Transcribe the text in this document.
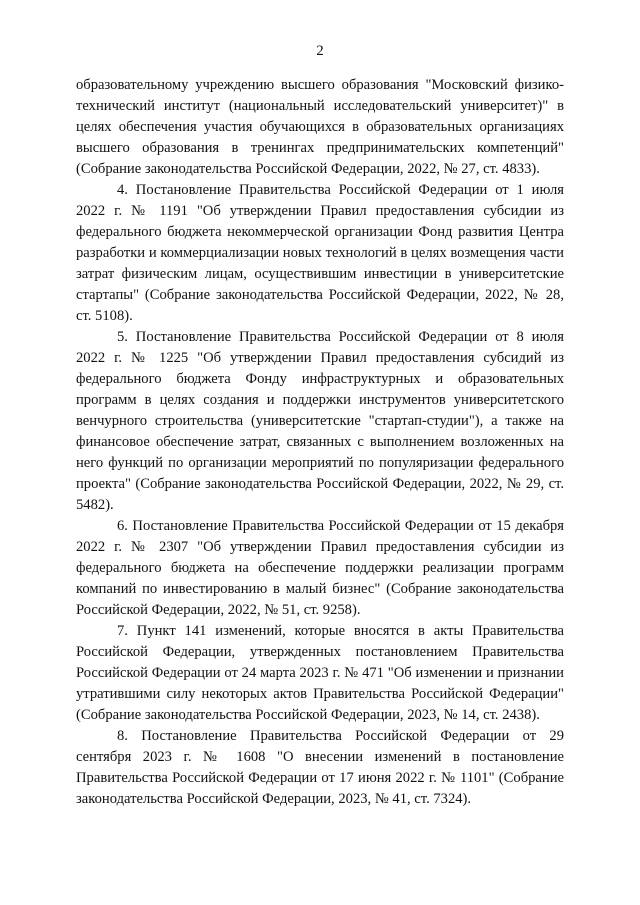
2

образовательному учреждению высшего образования "Московский физико-технический институт (национальный исследовательский университет)" в целях обеспечения участия обучающихся в образовательных организациях высшего образования в тренингах предпринимательских компетенций" (Собрание законодательства Российской Федерации, 2022, № 27, ст. 4833).

4. Постановление Правительства Российской Федерации от 1 июля 2022 г. № 1191 "Об утверждении Правил предоставления субсидии из федерального бюджета некоммерческой организации Фонд развития Центра разработки и коммерциализации новых технологий в целях возмещения части затрат физическим лицам, осуществившим инвестиции в университетские стартапы" (Собрание законодательства Российской Федерации, 2022, № 28, ст. 5108).

5. Постановление Правительства Российской Федерации от 8 июля 2022 г. № 1225 "Об утверждении Правил предоставления субсидий из федерального бюджета Фонду инфраструктурных и образовательных программ в целях создания и поддержки инструментов университетского венчурного строительства (университетские "стартап-студии"), а также на финансовое обеспечение затрат, связанных с выполнением возложенных на него функций по организации мероприятий по популяризации федерального проекта" (Собрание законодательства Российской Федерации, 2022, № 29, ст. 5482).

6. Постановление Правительства Российской Федерации от 15 декабря 2022 г. № 2307 "Об утверждении Правил предоставления субсидии из федерального бюджета на обеспечение поддержки реализации программ компаний по инвестированию в малый бизнес" (Собрание законодательства Российской Федерации, 2022, № 51, ст. 9258).

7. Пункт 141 изменений, которые вносятся в акты Правительства Российской Федерации, утвержденных постановлением Правительства Российской Федерации от 24 марта 2023 г. № 471 "Об изменении и признании утратившими силу некоторых актов Правительства Российской Федерации" (Собрание законодательства Российской Федерации, 2023, № 14, ст. 2438).

8. Постановление Правительства Российской Федерации от 29 сентября 2023 г. № 1608 "О внесении изменений в постановление Правительства Российской Федерации от 17 июня 2022 г. № 1101" (Собрание законодательства Российской Федерации, 2023, № 41, ст. 7324).
